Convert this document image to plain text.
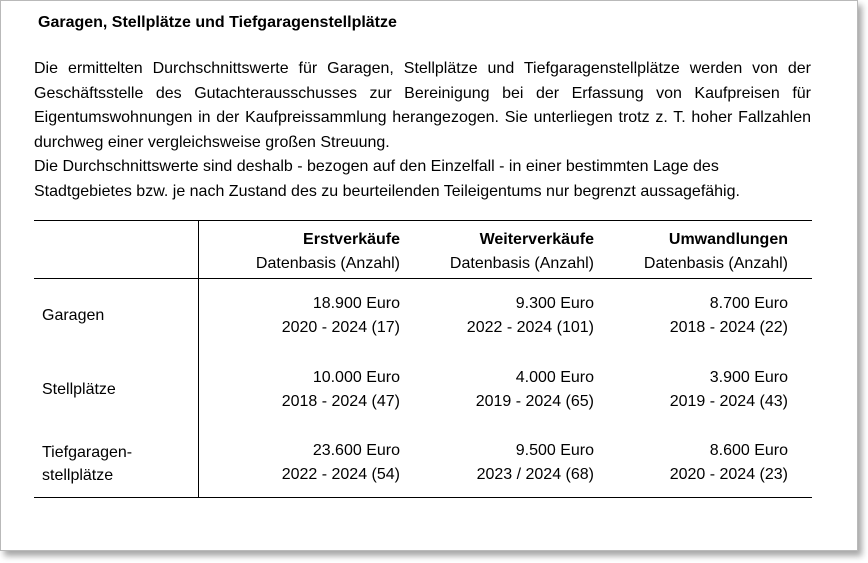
Garagen, Stellplätze und Tiefgaragenstellplätze

Die ermittelten Durchschnittswerte für Garagen, Stellplätze und Tiefgaragenstellplätze werden von der Geschäftsstelle des Gutachterausschusses zur Bereinigung bei der Erfassung von Kaufpreisen für Eigentumswohnungen in der Kaufpreissammlung herangezogen. Sie unterliegen trotz z. T. hoher Fallzahlen durchweg einer vergleichsweise großen Streuung.

Die Durchschnittswerte sind deshalb - bezogen auf den Einzelfall - in einer bestimmten Lage des Stadtgebietes bzw. je nach Zustand des zu beurteilenden Teileigentums nur begrenzt aussagefähig.

Erstverkäufe
Datenbasis (Anzahl)
Weiterverkäufe
Datenbasis (Anzahl)
Umwandlungen
Datenbasis (Anzahl)
Garagen
18.900 Euro
2020 - 2024 (17)
9.300 Euro
2022 - 2024 (101)
8.700 Euro
2018 - 2024 (22)
Stellplätze
10.000 Euro
2018 - 2024 (47)
4.000 Euro
2019 - 2024 (65)
3.900 Euro
2019 - 2024 (43)
Tiefgaragen-
stellplätze
23.600 Euro
2022 - 2024 (54)
9.500 Euro
2023 / 2024 (68)
8.600 Euro
2020 - 2024 (23)
